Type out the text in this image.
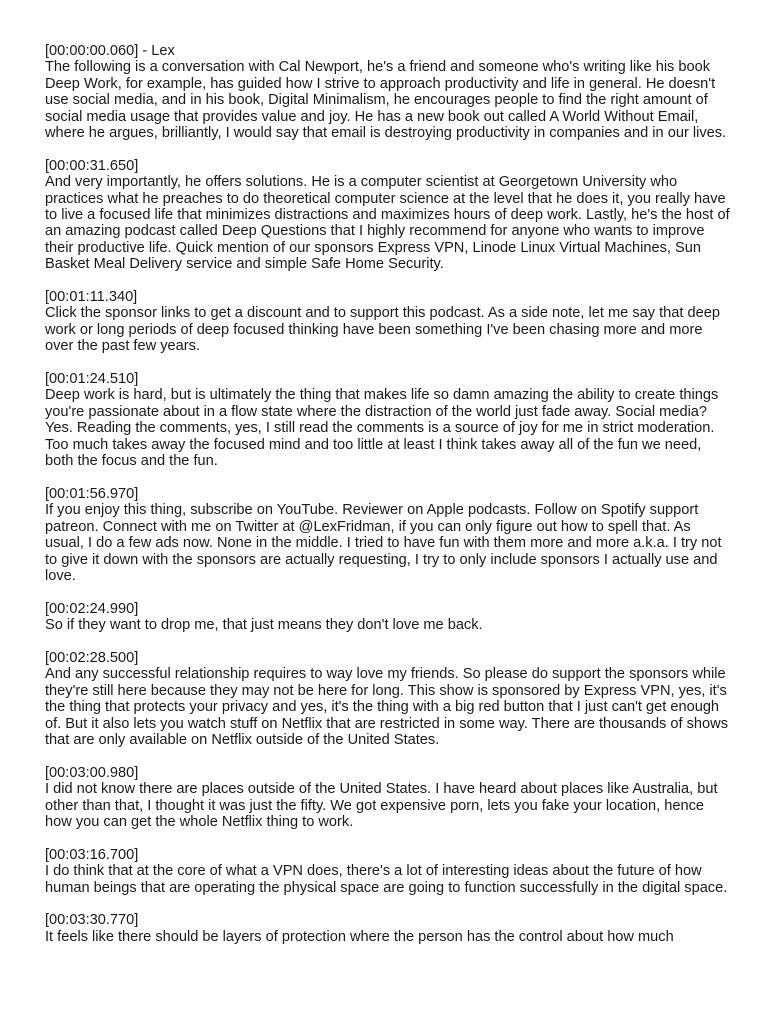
[00:00:00.060] - Lex
The following is a conversation with Cal Newport, he's a friend and someone who's writing like his book Deep Work, for example, has guided how I strive to approach productivity and life in general. He doesn't use social media, and in his book, Digital Minimalism, he encourages people to find the right amount of social media usage that provides value and joy. He has a new book out called A World Without Email, where he argues, brilliantly, I would say that email is destroying productivity in companies and in our lives.
[00:00:31.650]
And very importantly, he offers solutions. He is a computer scientist at Georgetown University who practices what he preaches to do theoretical computer science at the level that he does it, you really have to live a focused life that minimizes distractions and maximizes hours of deep work. Lastly, he's the host of an amazing podcast called Deep Questions that I highly recommend for anyone who wants to improve their productive life. Quick mention of our sponsors Express VPN, Linode Linux Virtual Machines, Sun Basket Meal Delivery service and simple Safe Home Security.
[00:01:11.340]
Click the sponsor links to get a discount and to support this podcast. As a side note, let me say that deep work or long periods of deep focused thinking have been something I've been chasing more and more over the past few years.
[00:01:24.510]
Deep work is hard, but is ultimately the thing that makes life so damn amazing the ability to create things you're passionate about in a flow state where the distraction of the world just fade away. Social media? Yes. Reading the comments, yes, I still read the comments is a source of joy for me in strict moderation. Too much takes away the focused mind and too little at least I think takes away all of the fun we need, both the focus and the fun.
[00:01:56.970]
If you enjoy this thing, subscribe on YouTube. Reviewer on Apple podcasts. Follow on Spotify support patreon. Connect with me on Twitter at @LexFridman, if you can only figure out how to spell that. As usual, I do a few ads now. None in the middle. I tried to have fun with them more and more a.k.a. I try not to give it down with the sponsors are actually requesting, I try to only include sponsors I actually use and love.
[00:02:24.990]
So if they want to drop me, that just means they don't love me back.
[00:02:28.500]
And any successful relationship requires to way love my friends. So please do support the sponsors while they're still here because they may not be here for long. This show is sponsored by Express VPN, yes, it's the thing that protects your privacy and yes, it's the thing with a big red button that I just can't get enough of. But it also lets you watch stuff on Netflix that are restricted in some way. There are thousands of shows that are only available on Netflix outside of the United States.
[00:03:00.980]
I did not know there are places outside of the United States. I have heard about places like Australia, but other than that, I thought it was just the fifty. We got expensive porn, lets you fake your location, hence how you can get the whole Netflix thing to work.
[00:03:16.700]
I do think that at the core of what a VPN does, there's a lot of interesting ideas about the future of how human beings that are operating the physical space are going to function successfully in the digital space.
[00:03:30.770]
It feels like there should be layers of protection where the person has the control about how much
